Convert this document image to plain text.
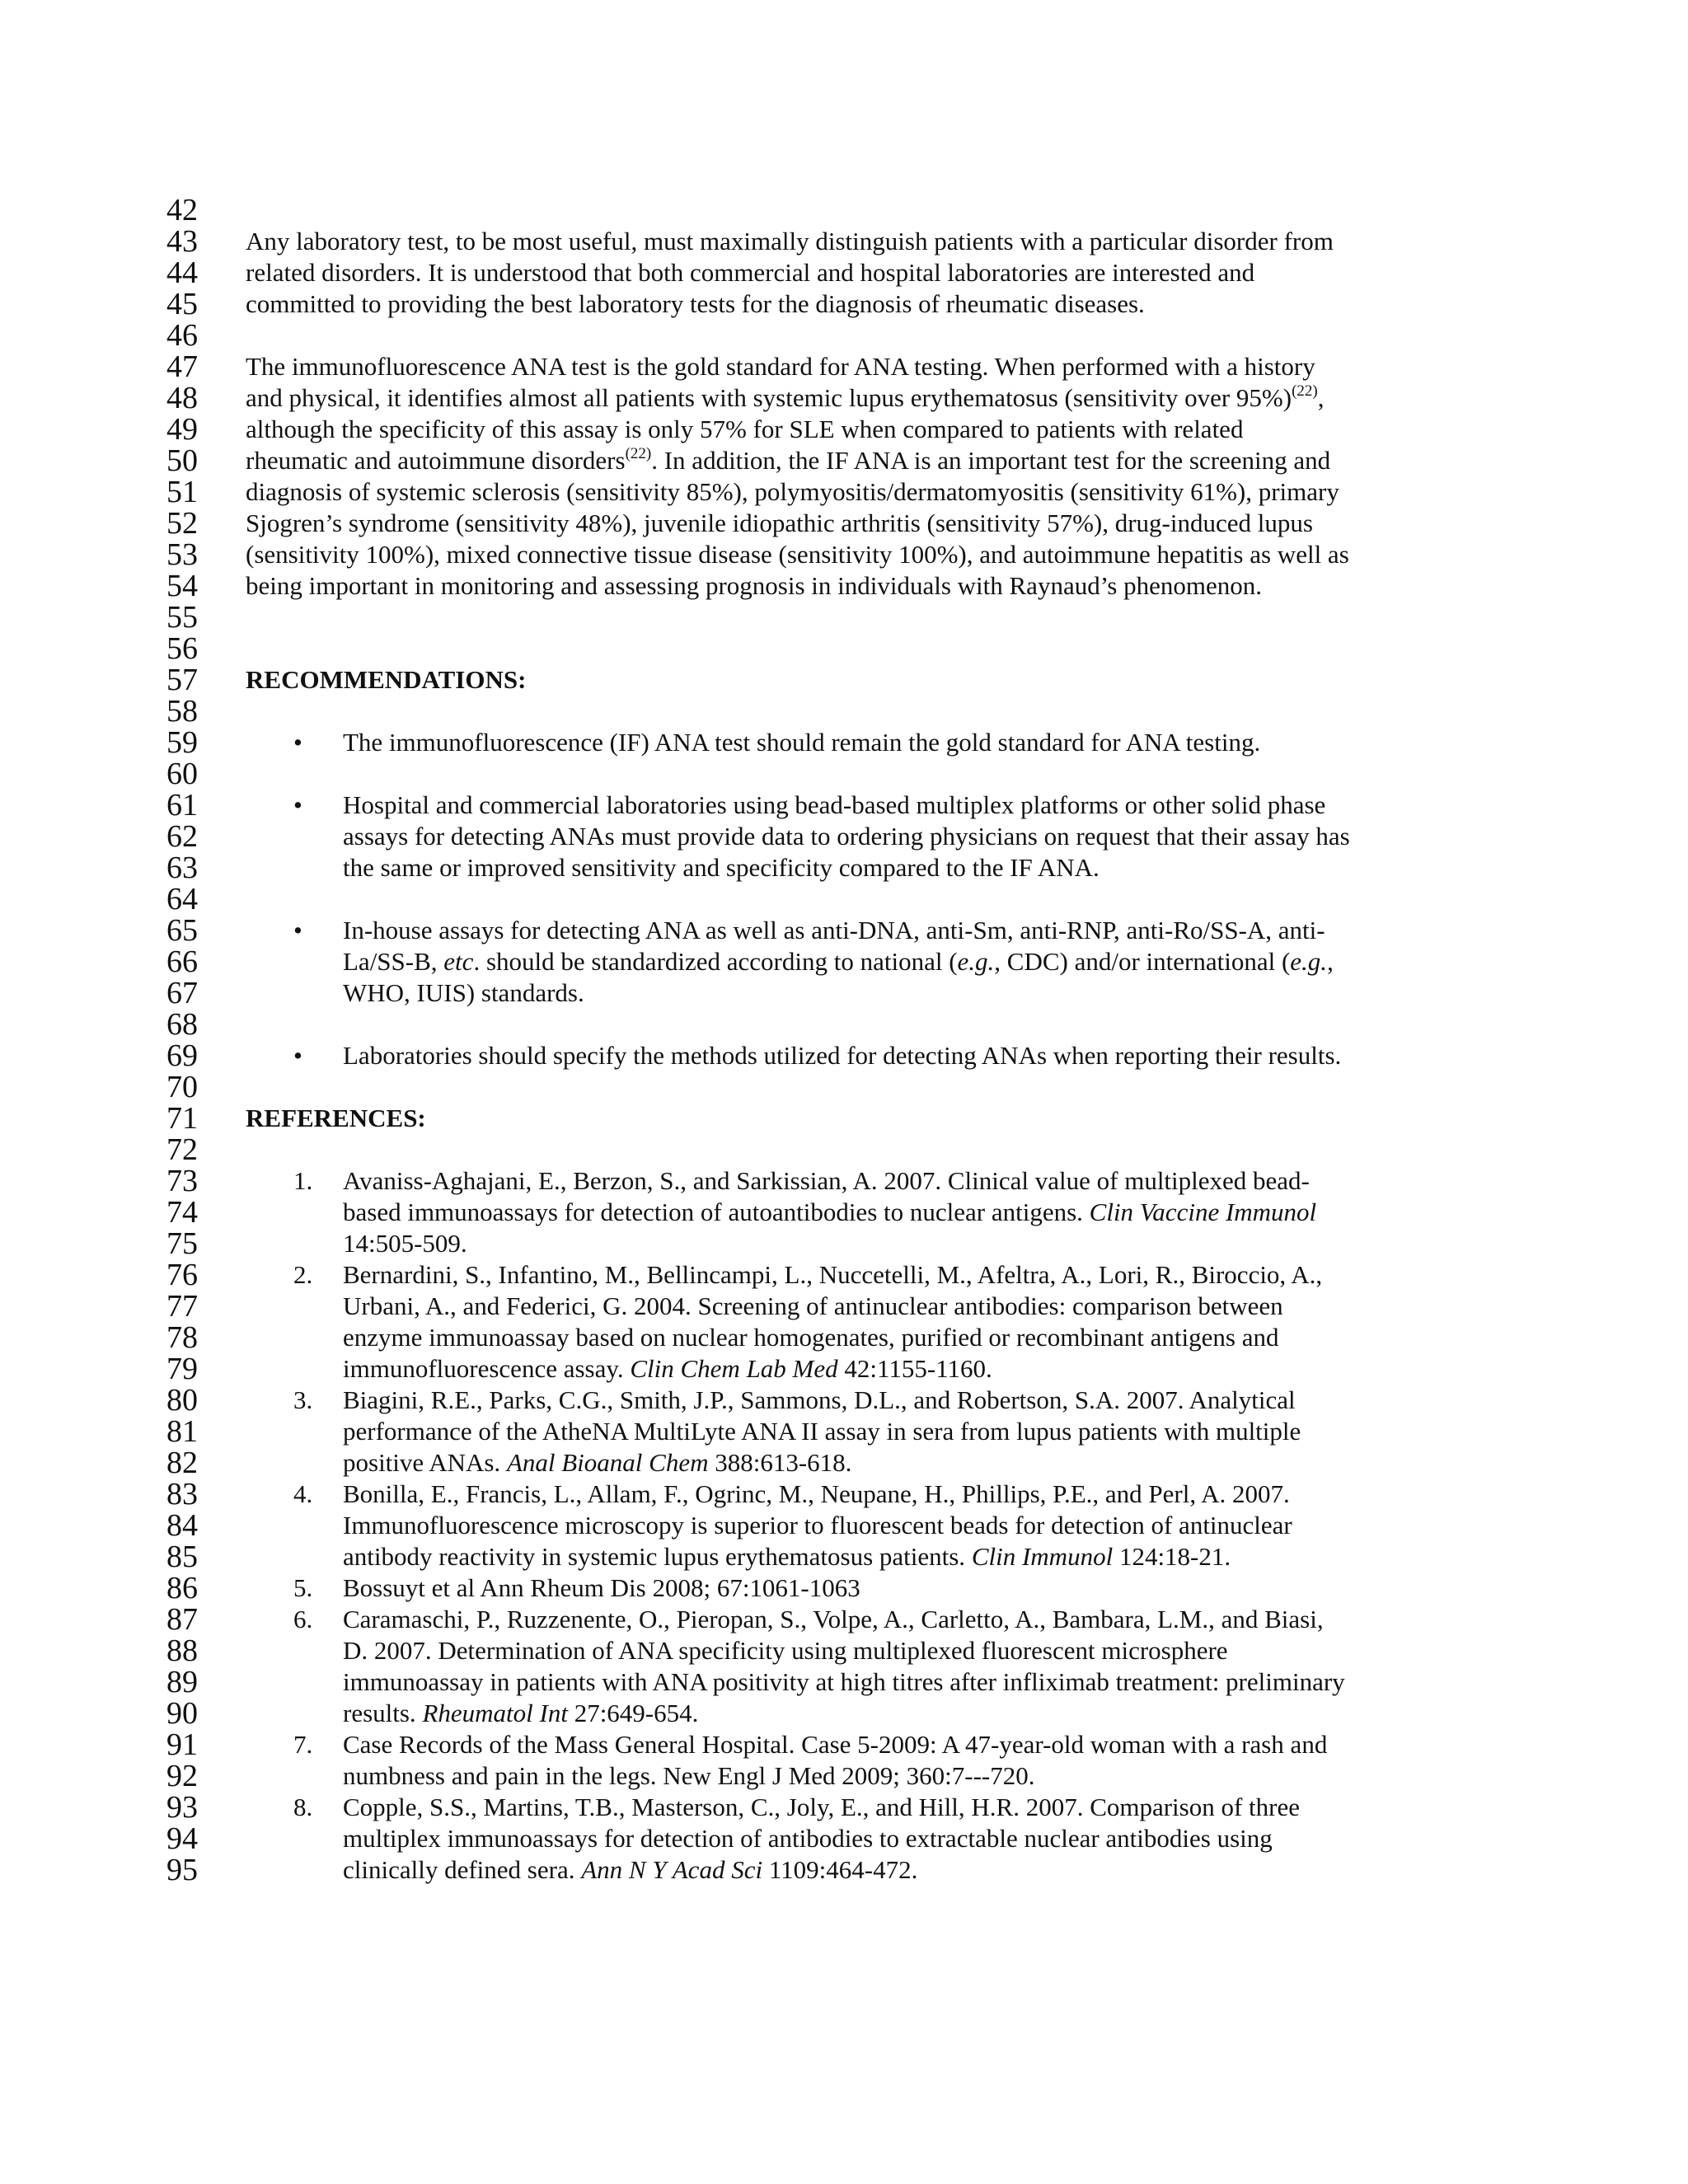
42
43
44
45
46
47
48
49
50
51
52
53
54
55
56
57
58
59
60
61
62
63
64
65
66
67
68
69
70
71
72
73
74
75
76
77
78
79
80
81
82
83
84
85
86
87
88
89
90
91
92
93
94
95
Any laboratory test, to be most useful, must maximally distinguish patients with a particular disorder from
related disorders. It is understood that both commercial and hospital laboratories are interested and
committed to providing the best laboratory tests for the diagnosis of rheumatic diseases.
The immunofluorescence ANA test is the gold standard for ANA testing. When performed with a history
and physical, it identifies almost all patients with systemic lupus erythematosus (sensitivity over 95%)$^{(22)}$,
although the specificity of this assay is only 57% for SLE when compared to patients with related
rheumatic and autoimmune disorders$^{(22)}$. In addition, the IF ANA is an important test for the screening and
diagnosis of systemic sclerosis (sensitivity 85%), polymyositis/dermatomyositis (sensitivity 61%), primary
Sjogren’s syndrome (sensitivity 48%), juvenile idiopathic arthritis (sensitivity 57%), drug-induced lupus
(sensitivity 100%), mixed connective tissue disease (sensitivity 100%), and autoimmune hepatitis as well as
being important in monitoring and assessing prognosis in individuals with Raynaud’s phenomenon.
RECOMMENDATIONS:
• The immunofluorescence (IF) ANA test should remain the gold standard for ANA testing.
• Hospital and commercial laboratories using bead-based multiplex platforms or other solid phase
assays for detecting ANAs must provide data to ordering physicians on request that their assay has
the same or improved sensitivity and specificity compared to the IF ANA.
• In-house assays for detecting ANA as well as anti-DNA, anti-Sm, anti-RNP, anti-Ro/SS-A, anti-
La/SS-B, etc. should be standardized according to national (e.g., CDC) and/or international (e.g.,
WHO, IUIS) standards.
• Laboratories should specify the methods utilized for detecting ANAs when reporting their results.
REFERENCES:
1. Avaniss-Aghajani, E., Berzon, S., and Sarkissian, A. 2007. Clinical value of multiplexed bead-
based immunoassays for detection of autoantibodies to nuclear antigens. Clin Vaccine Immunol
14:505-509.
2. Bernardini, S., Infantino, M., Bellincampi, L., Nuccetelli, M., Afeltra, A., Lori, R., Biroccio, A.,
Urbani, A., and Federici, G. 2004. Screening of antinuclear antibodies: comparison between
enzyme immunoassay based on nuclear homogenates, purified or recombinant antigens and
immunofluorescence assay. Clin Chem Lab Med 42:1155-1160.
3. Biagini, R.E., Parks, C.G., Smith, J.P., Sammons, D.L., and Robertson, S.A. 2007. Analytical
performance of the AtheNA MultiLyte ANA II assay in sera from lupus patients with multiple
positive ANAs. Anal Bioanal Chem 388:613-618.
4. Bonilla, E., Francis, L., Allam, F., Ogrinc, M., Neupane, H., Phillips, P.E., and Perl, A. 2007.
Immunofluorescence microscopy is superior to fluorescent beads for detection of antinuclear
antibody reactivity in systemic lupus erythematosus patients. Clin Immunol 124:18-21.
5. Bossuyt et al Ann Rheum Dis 2008; 67:1061-1063
6. Caramaschi, P., Ruzzenente, O., Pieropan, S., Volpe, A., Carletto, A., Bambara, L.M., and Biasi,
D. 2007. Determination of ANA specificity using multiplexed fluorescent microsphere
immunoassay in patients with ANA positivity at high titres after infliximab treatment: preliminary
results. Rheumatol Int 27:649-654.
7. Case Records of the Mass General Hospital. Case 5-2009: A 47-year-old woman with a rash and
numbness and pain in the legs. New Engl J Med 2009; 360:7---720.
8. Copple, S.S., Martins, T.B., Masterson, C., Joly, E., and Hill, H.R. 2007. Comparison of three
multiplex immunoassays for detection of antibodies to extractable nuclear antibodies using
clinically defined sera. Ann N Y Acad Sci 1109:464-472.
